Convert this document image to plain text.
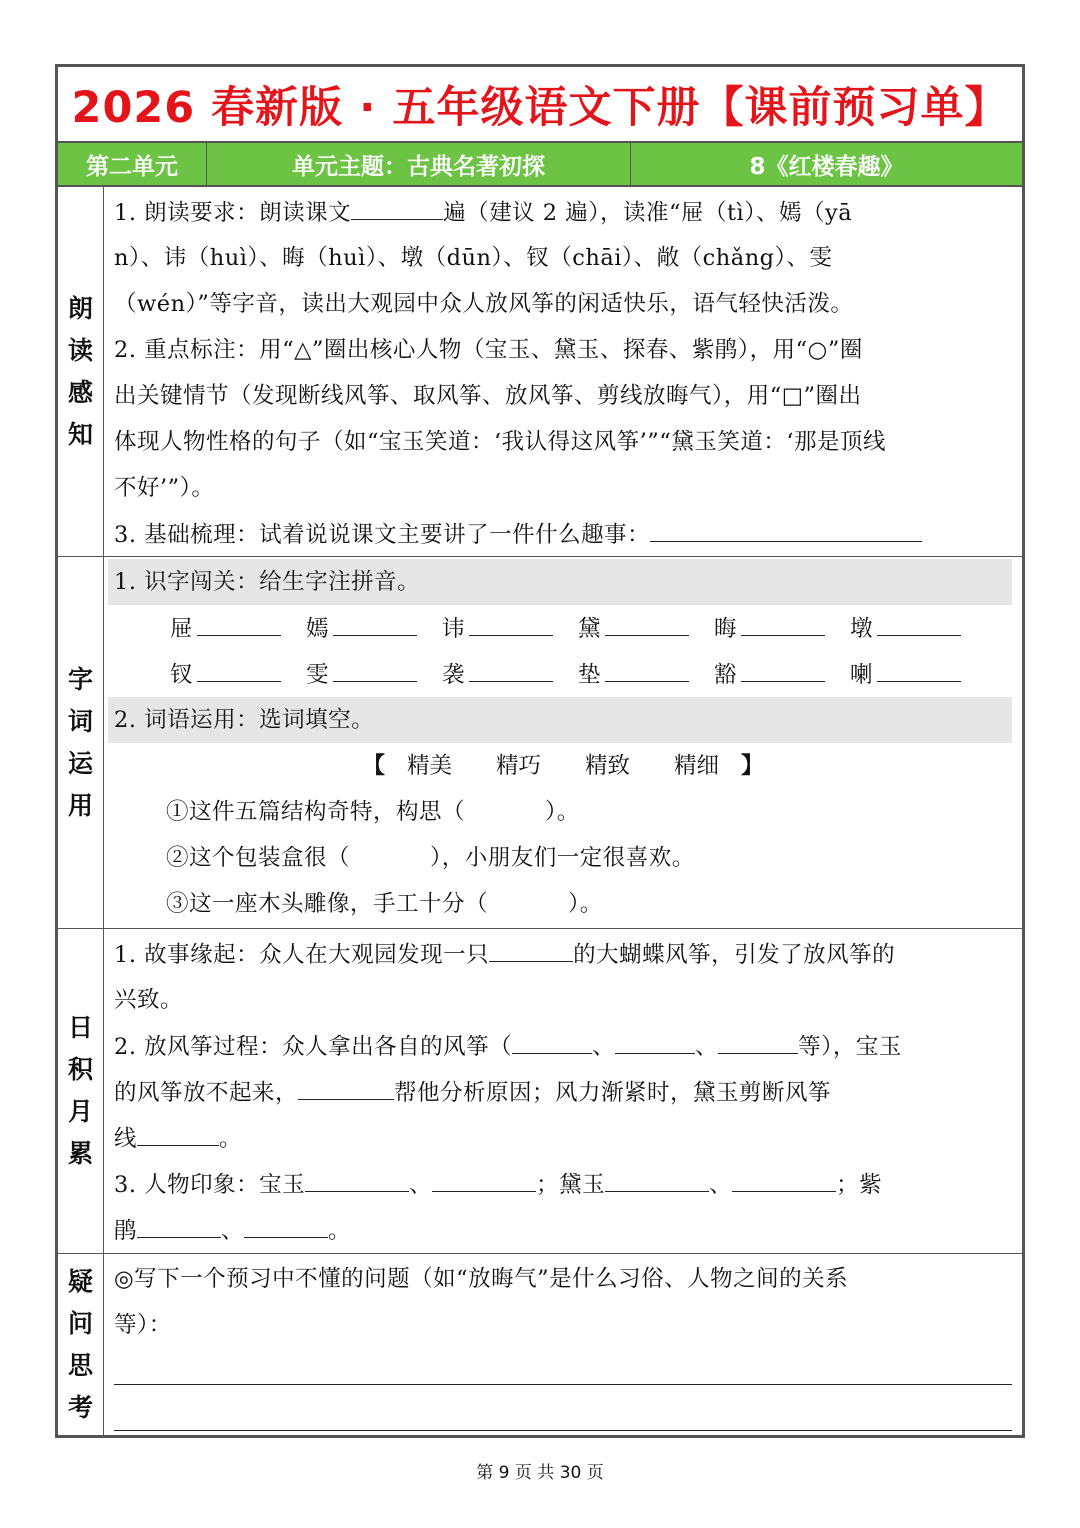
2026 春新版 · 五年级语文下册【课前预习单】
第二单元	单元主题：古典名著初探	8《红楼春趣》
朗
读
感
知
1. 朗读要求：朗读课文	遍（建议 2 遍），读准“屉（tì）、嫣（yā
n）、讳（huì）、晦（huì）、墩（dūn）、钗（chāi）、敞（chǎng）、雯
（wén）”等字音，读出大观园中众人放风筝的闲适快乐，语气轻快活泼。
2. 重点标注：用“△”圈出核心人物（宝玉、黛玉、探春、紫鹃），用“○”圈
出关键情节（发现断线风筝、取风筝、放风筝、剪线放晦气），用“□”圈出
体现人物性格的句子（如“宝玉笑道：‘我认得这风筝’”“黛玉笑道：‘那是顶线
不好’”）。
3. 基础梳理：试着说说课文主要讲了一件什么趣事：
字
词
运
用
1. 识字闯关：给生字注拼音。
屉	嫣	讳	黛	晦	墩
钗	雯	袭	垫	豁	喇
2. 词语运用：选词填空。
【 精美 精巧 精致 精细 】
①这件五篇结构奇特，构思（	）。
②这个包装盒很（	），小朋友们一定很喜欢。
③这一座木头雕像，手工十分（	）。
日
积
月
累
1. 故事缘起：众人在大观园发现一只	的大蝴蝶风筝，引发了放风筝的
兴致。
2. 放风筝过程：众人拿出各自的风筝（	、	、	等），宝玉
的风筝放不起来，	帮他分析原因；风力渐紧时，黛玉剪断风筝
线	。
3. 人物印象：宝玉	、	；黛玉	、	；紫
鹃	、	。
疑
问
思
考
◎写下一个预习中不懂的问题（如“放晦气”是什么习俗、人物之间的关系
等）：
第 9 页 共 30 页
